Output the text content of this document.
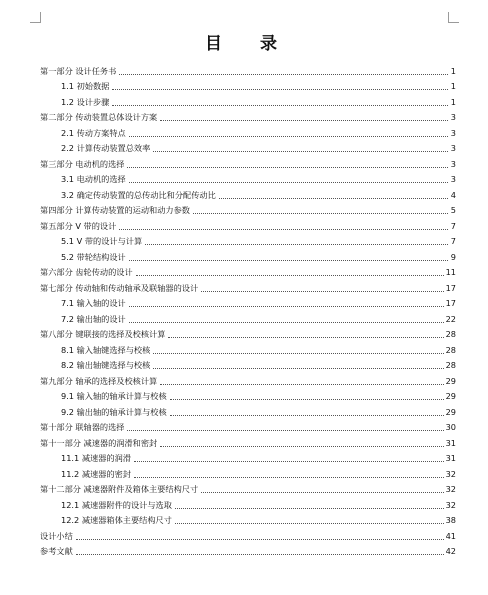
目 录
第一部分 设计任务书	1
1.1 初始数据	1
1.2 设计步骤	1
第二部分 传动装置总体设计方案	3
2.1 传动方案特点	3
2.2 计算传动装置总效率	3
第三部分 电动机的选择	3
3.1 电动机的选择	3
3.2 确定传动装置的总传动比和分配传动比	4
第四部分 计算传动装置的运动和动力参数	5
第五部分 V 带的设计	7
5.1 V 带的设计与计算	7
5.2 带轮结构设计	9
第六部分 齿轮传动的设计	11
第七部分 传动轴和传动轴承及联轴器的设计	17
7.1 输入轴的设计	17
7.2 输出轴的设计	22
第八部分 键联接的选择及校核计算	28
8.1 输入轴键选择与校核	28
8.2 输出轴键选择与校核	28
第九部分 轴承的选择及校核计算	29
9.1 输入轴的轴承计算与校核	29
9.2 输出轴的轴承计算与校核	29
第十部分 联轴器的选择	30
第十一部分 减速器的润滑和密封	31
11.1 减速器的润滑	31
11.2 减速器的密封	32
第十二部分 减速器附件及箱体主要结构尺寸	32
12.1 减速器附件的设计与选取	32
12.2 减速器箱体主要结构尺寸	38
设计小结	41
参考文献	42
